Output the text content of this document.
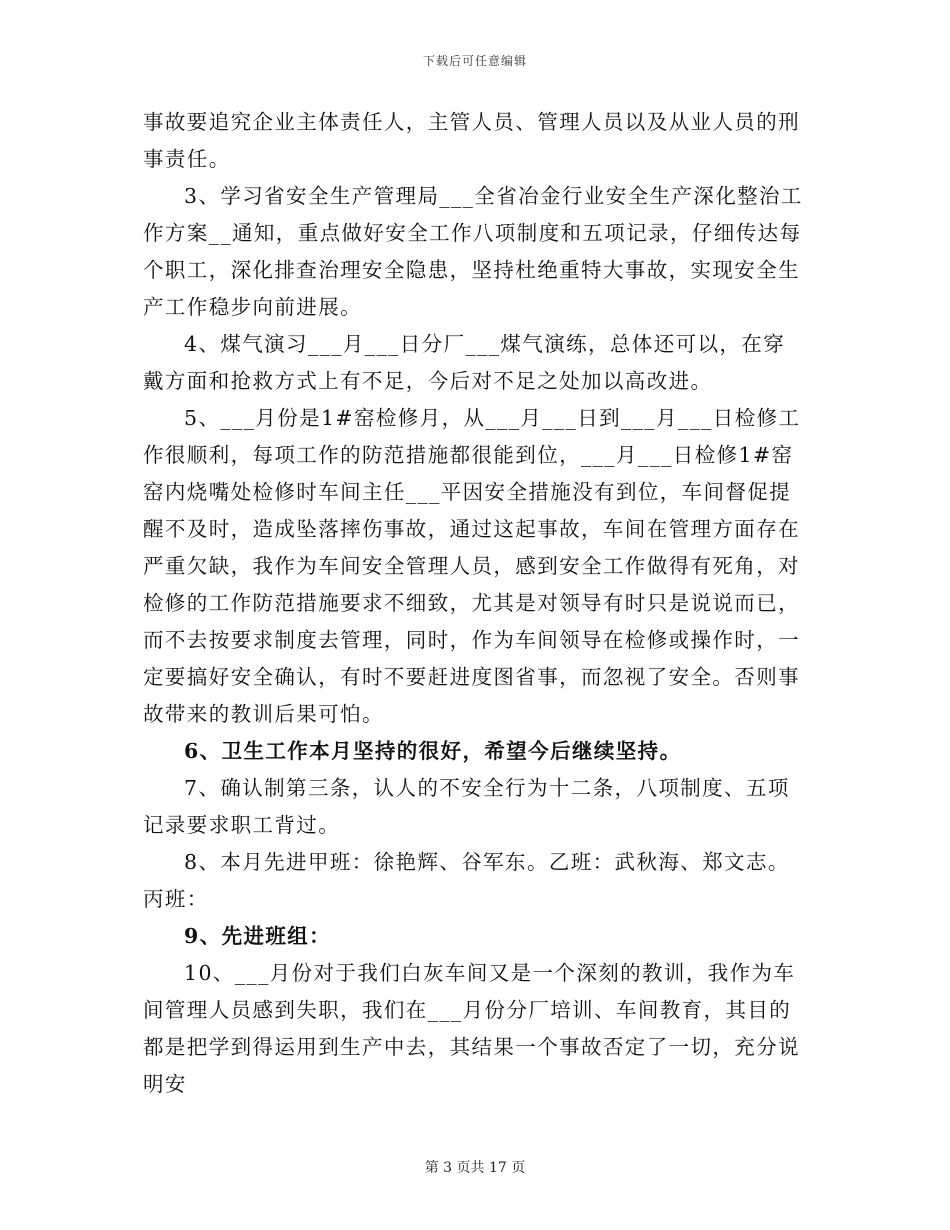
下载后可任意编辑

事故要追究企业主体责任人，主管人员、管理人员以及从业人员的刑事责任。

3、学习省安全生产管理局___全省冶金行业安全生产深化整治工作方案__通知，重点做好安全工作八项制度和五项记录，仔细传达每个职工，深化排查治理安全隐患，坚持杜绝重特大事故，实现安全生产工作稳步向前进展。

4、煤气演习___月___日分厂___煤气演练，总体还可以，在穿戴方面和抢救方式上有不足，今后对不足之处加以高改进。

5、___月份是1#窑检修月，从___月___日到___月___日检修工作很顺利，每项工作的防范措施都很能到位，___月___日检修1#窑窑内烧嘴处检修时车间主任___平因安全措施没有到位，车间督促提醒不及时，造成坠落摔伤事故，通过这起事故，车间在管理方面存在严重欠缺，我作为车间安全管理人员，感到安全工作做得有死角，对检修的工作防范措施要求不细致，尤其是对领导有时只是说说而已，而不去按要求制度去管理，同时，作为车间领导在检修或操作时，一定要搞好安全确认，有时不要赶进度图省事，而忽视了安全。否则事故带来的教训后果可怕。

6、卫生工作本月坚持的很好，希望今后继续坚持。

7、确认制第三条，认人的不安全行为十二条，八项制度、五项记录要求职工背过。

8、本月先进甲班：徐艳辉、谷军东。乙班：武秋海、郑文志。丙班：

9、先进班组：

10、___月份对于我们白灰车间又是一个深刻的教训，我作为车间管理人员感到失职，我们在___月份分厂培训、车间教育，其目的都是把学到得运用到生产中去，其结果一个事故否定了一切，充分说明安

第 3 页共 17 页
